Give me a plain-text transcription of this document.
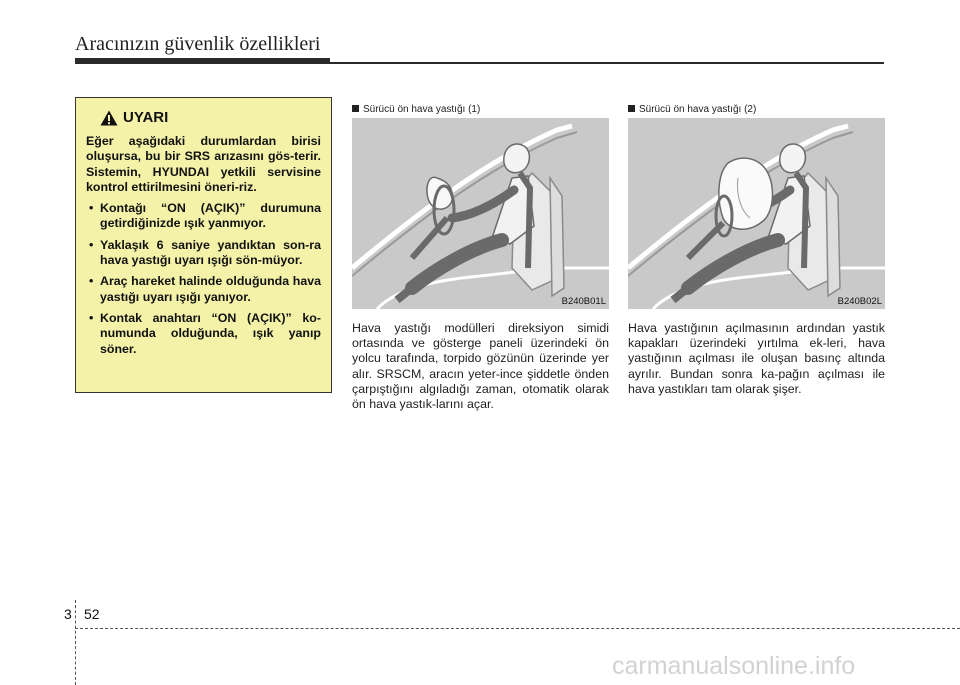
Aracınızın güvenlik özellikleri
UYARI
Eğer aşağıdaki durumlardan birisi oluşursa, bu bir SRS arızasını gös-terir. Sistemin, HYUNDAI yetkili servisine kontrol ettirilmesini öneri-riz.
• Kontağı “ON (AÇIK)” durumuna getirdiğinizde ışık yanmıyor.
• Yaklaşık 6 saniye yandıktan son-ra hava yastığı uyarı ışığı sön-müyor.
• Araç hareket halinde olduğunda hava yastığı uyarı ışığı yanıyor.
• Kontak anahtarı “ON (AÇIK)” ko-numunda olduğunda, ışık yanıp söner.
Sürücü ön hava yastığı (1)
B240B01L
Hava yastığı modülleri direksiyon simidi ortasında ve gösterge paneli üzerindeki ön yolcu tarafında, torpido gözünün üzerinde yer alır. SRSCM, aracın yeter-ince şiddetle önden çarpıştığını algıladığı zaman, otomatik olarak ön hava yastık-larını açar.
Sürücü ön hava yastığı (2)
B240B02L
Hava yastığının açılmasının ardından yastık kapakları üzerindeki yırtılma ek-leri, hava yastığının açılması ile oluşan basınç altında ayrılır. Bundan sonra ka-pağın açılması ile hava yastıkları tam olarak şişer.
3 52
carmanualsonline.info
